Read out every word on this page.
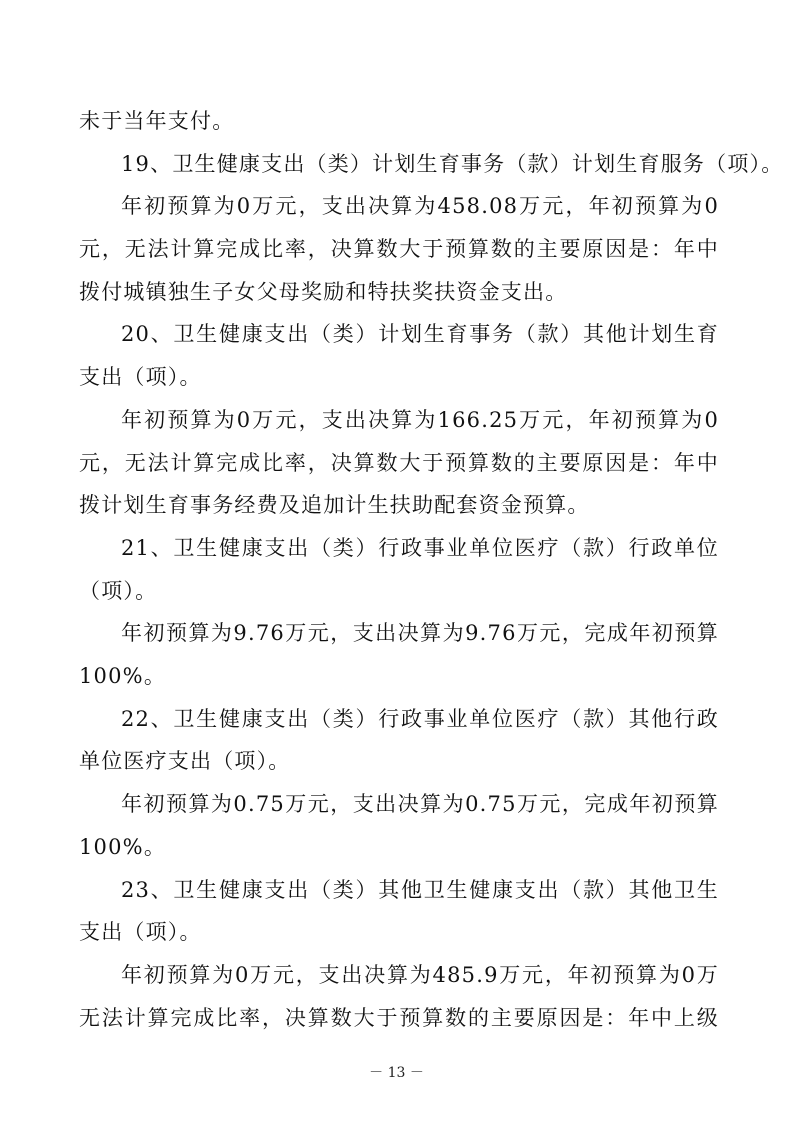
未于当年支付。

19、卫生健康支出（类）计划生育事务（款）计划生育服务（项）。

年初预算为0万元，支出决算为458.08万元，年初预算为0

元，无法计算完成比率，决算数大于预算数的主要原因是：年中

拨付城镇独生子女父母奖励和特扶奖扶资金支出。

20、卫生健康支出（类）计划生育事务（款）其他计划生育

支出（项）。

年初预算为0万元，支出决算为166.25万元，年初预算为0

元，无法计算完成比率，决算数大于预算数的主要原因是：年中

拨计划生育事务经费及追加计生扶助配套资金预算。

21、卫生健康支出（类）行政事业单位医疗（款）行政单位

（项）。

年初预算为9.76万元，支出决算为9.76万元，完成年初预算

100%。

22、卫生健康支出（类）行政事业单位医疗（款）其他行政

单位医疗支出（项）。

年初预算为0.75万元，支出决算为0.75万元，完成年初预算

100%。

23、卫生健康支出（类）其他卫生健康支出（款）其他卫生

支出（项）。

年初预算为0万元，支出决算为485.9万元，年初预算为0万

无法计算完成比率，决算数大于预算数的主要原因是：年中上级

－ 13 －
